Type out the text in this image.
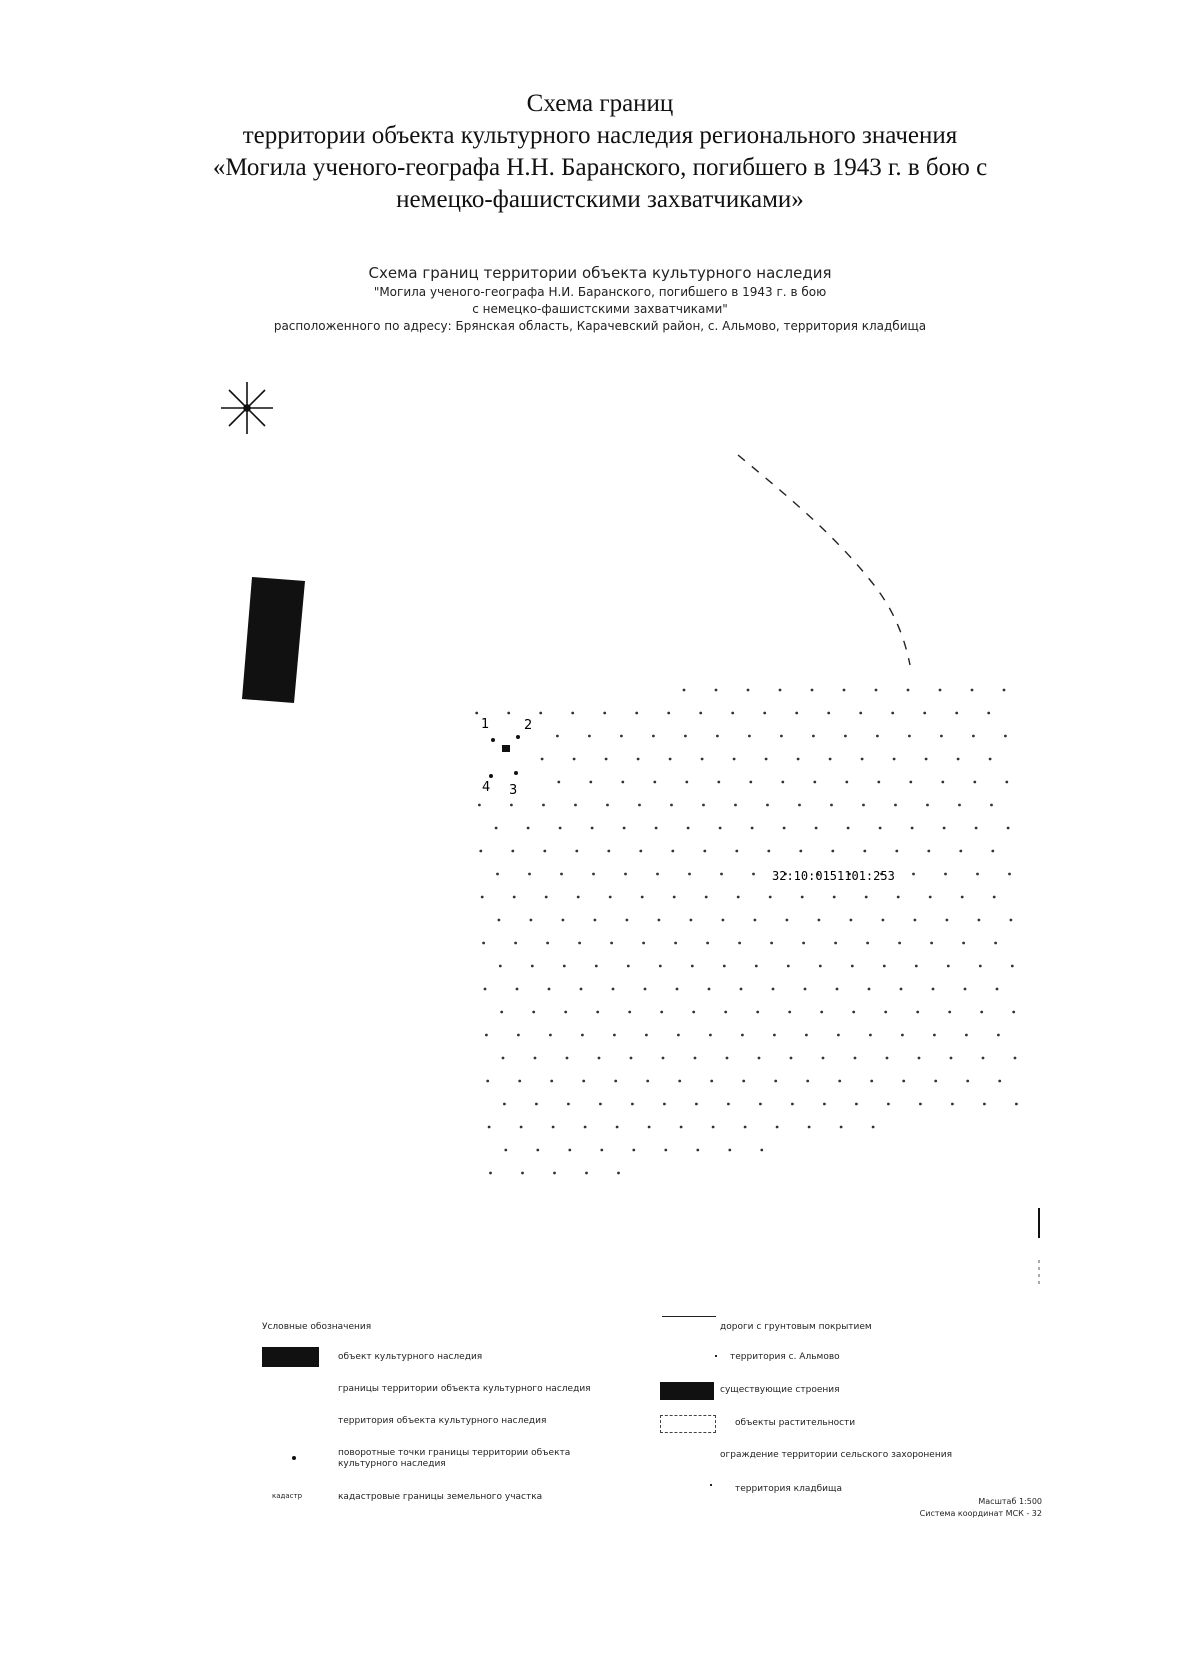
Схема границ
территории объекта культурного наследия регионального значения
«Могила ученого-географа Н.Н. Баранского, погибшего в 1943 г. в бою с
немецко-фашистскими захватчиками»
Схема границ территории объекта культурного наследия
"Могила ученого-географа Н.И. Баранского, погибшего в 1943 г. в бою
с немецко-фашистскими захватчиками"
расположенного по адресу: Брянская область, Карачевский район, с. Альмово, территория кладбища
1	2
3
4
32:10:0151101:253
Условные обозначения
объект культурного наследия
границы территории объекта культурного наследия
территория объекта культурного наследия
поворотные точки границы территории объекта культурного наследия
кадастр	кадастровые границы земельного участка
дороги с грунтовым покрытием
территория с. Альмово
существующие строения
объекты растительности
ограждение территории сельского захоронения
территория кладбища
Масштаб 1:500
Система координат МСК - 32
